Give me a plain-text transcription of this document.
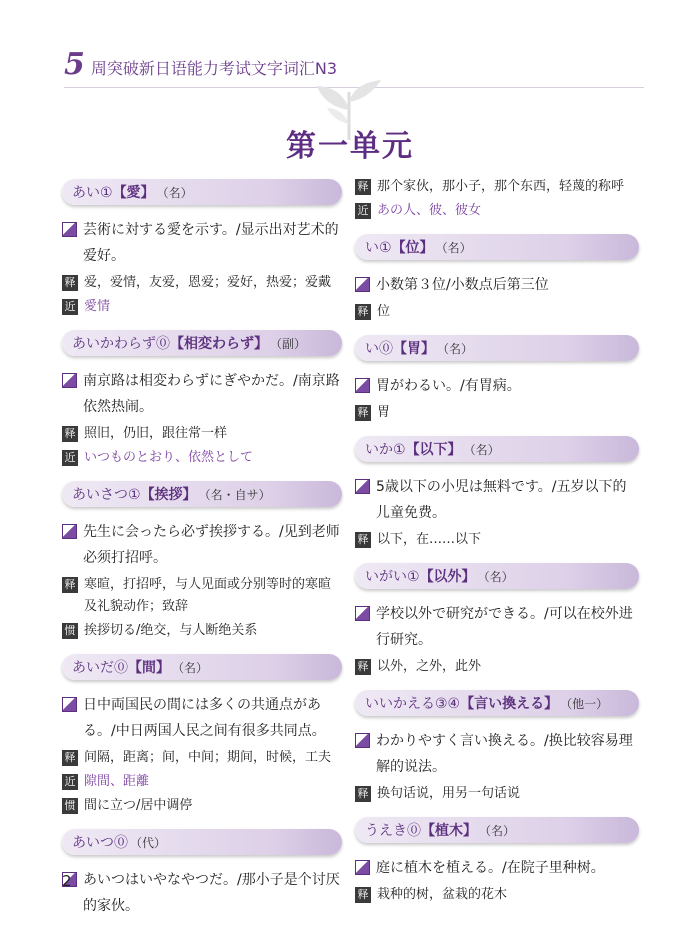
5 周突破新日语能力考试文字词汇N3
第一单元
あい① 【愛】 （名）
芸術に対する愛を示す。/显示出对艺术的爱好。
释 爱，爱情，友爱，恩爱；爱好，热爱；爱戴
近 愛情
あいかわらず⓪ 【相変わらず】 （副）
南京路は相変わらずにぎやかだ。/南京路依然热闹。
释 照旧，仍旧，跟往常一样
近 いつものとおり、依然として
あいさつ① 【挨拶】 （名・自サ）
先生に会ったら必ず挨拶する。/见到老师必须打招呼。
释 寒暄，打招呼，与人见面或分别等时的寒暄及礼貌动作；致辞
惯 挨拶切る/绝交，与人断绝关系
あいだ⓪ 【間】 （名）
日中両国民の間には多くの共通点がある。/中日两国人民之间有很多共同点。
释 间隔，距离；间，中间；期间，时候，工夫
近 隙間、距離
惯 間に立つ/居中调停
あいつ⓪ （代）
あいつはいやなやつだ。/那小子是个讨厌的家伙。
释 那个家伙，那小子，那个东西，轻蔑的称呼
近 あの人、彼、彼女
い① 【位】 （名）
小数第３位/小数点后第三位
释 位
い⓪ 【胃】 （名）
胃がわるい。/有胃病。
释 胃
いか① 【以下】 （名）
5歳以下の小児は無料です。/五岁以下的儿童免费。
释 以下，在……以下
いがい① 【以外】 （名）
学校以外で研究ができる。/可以在校外进行研究。
释 以外，之外，此外
いいかえる③④ 【言い換える】 （他一）
わかりやすく言い換える。/换比较容易理解的说法。
释 换句话说，用另一句话说
うえき⓪ 【植木】 （名）
庭に植木を植える。/在院子里种树。
释 栽种的树，盆栽的花木
2
